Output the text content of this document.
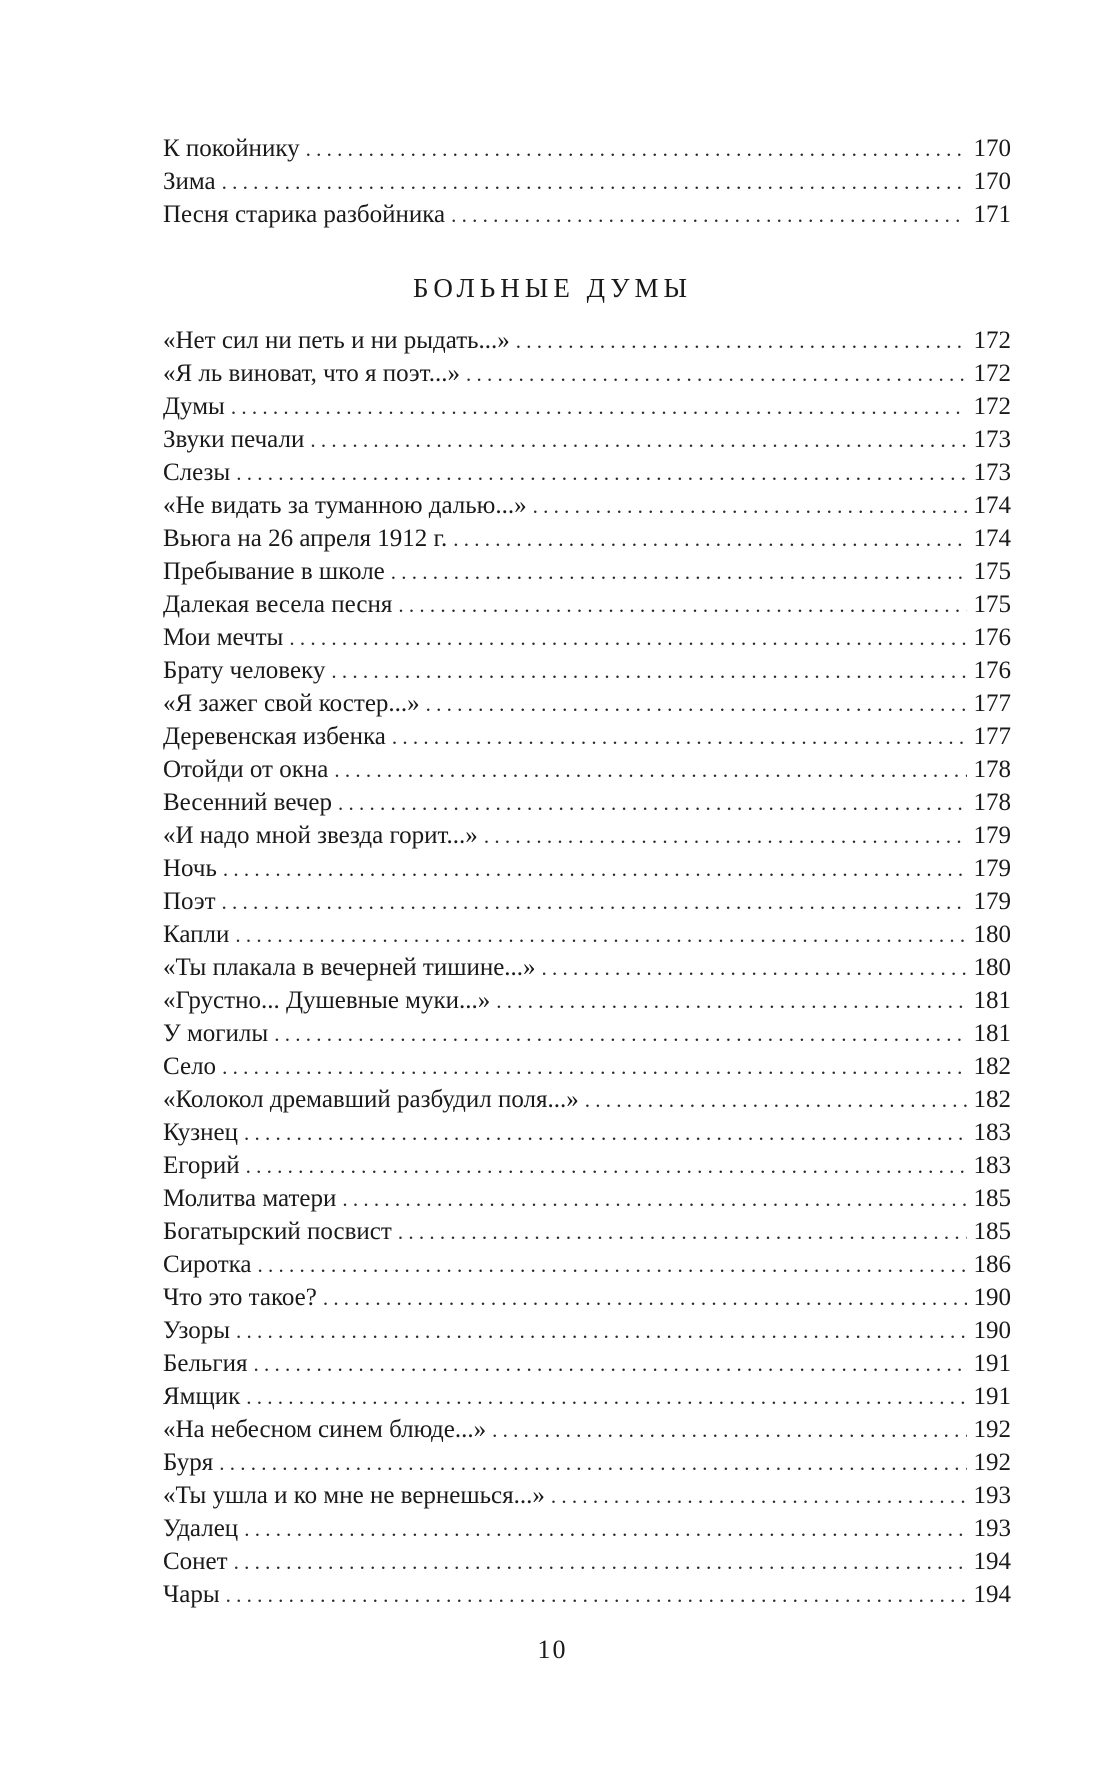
К покойнику . . .	170
Зима . . .	170
Песня старика разбойника . . .	171
БОЛЬНЫЕ ДУМЫ
«Нет сил ни петь и ни рыдать...» . . .	172
«Я ль виноват, что я поэт...» . . .	172
Думы . . .	172
Звуки печали . . .	173
Слезы . . .	173
«Не видать за туманною далью...» . . .	174
Вьюга на 26 апреля 1912 г. . . .	174
Пребывание в школе . . .	175
Далекая весела песня . . .	175
Мои мечты . . .	176
Брату человеку . . .	176
«Я зажег свой костер...» . . .	177
Деревенская избенка . . .	177
Отойди от окна . . .	178
Весенний вечер . . .	178
«И надо мной звезда горит...» . . .	179
Ночь . . .	179
Поэт . . .	179
Капли . . .	180
«Ты плакала в вечерней тишине...» . . .	180
«Грустно... Душевные муки...» . . .	181
У могилы . . .	181
Село . . .	182
«Колокол дремавший разбудил поля...» . . .	182
Кузнец . . .	183
Егорий . . .	183
Молитва матери . . .	185
Богатырский посвист . . .	185
Сиротка . . .	186
Что это такое? . . .	190
Узоры . . .	190
Бельгия . . .	191
Ямщик . . .	191
«На небесном синем блюде...» . . .	192
Буря . . .	192
«Ты ушла и ко мне не вернешься...» . . .	193
Удалец . . .	193
Сонет . . .	194
Чары . . .	194
10
